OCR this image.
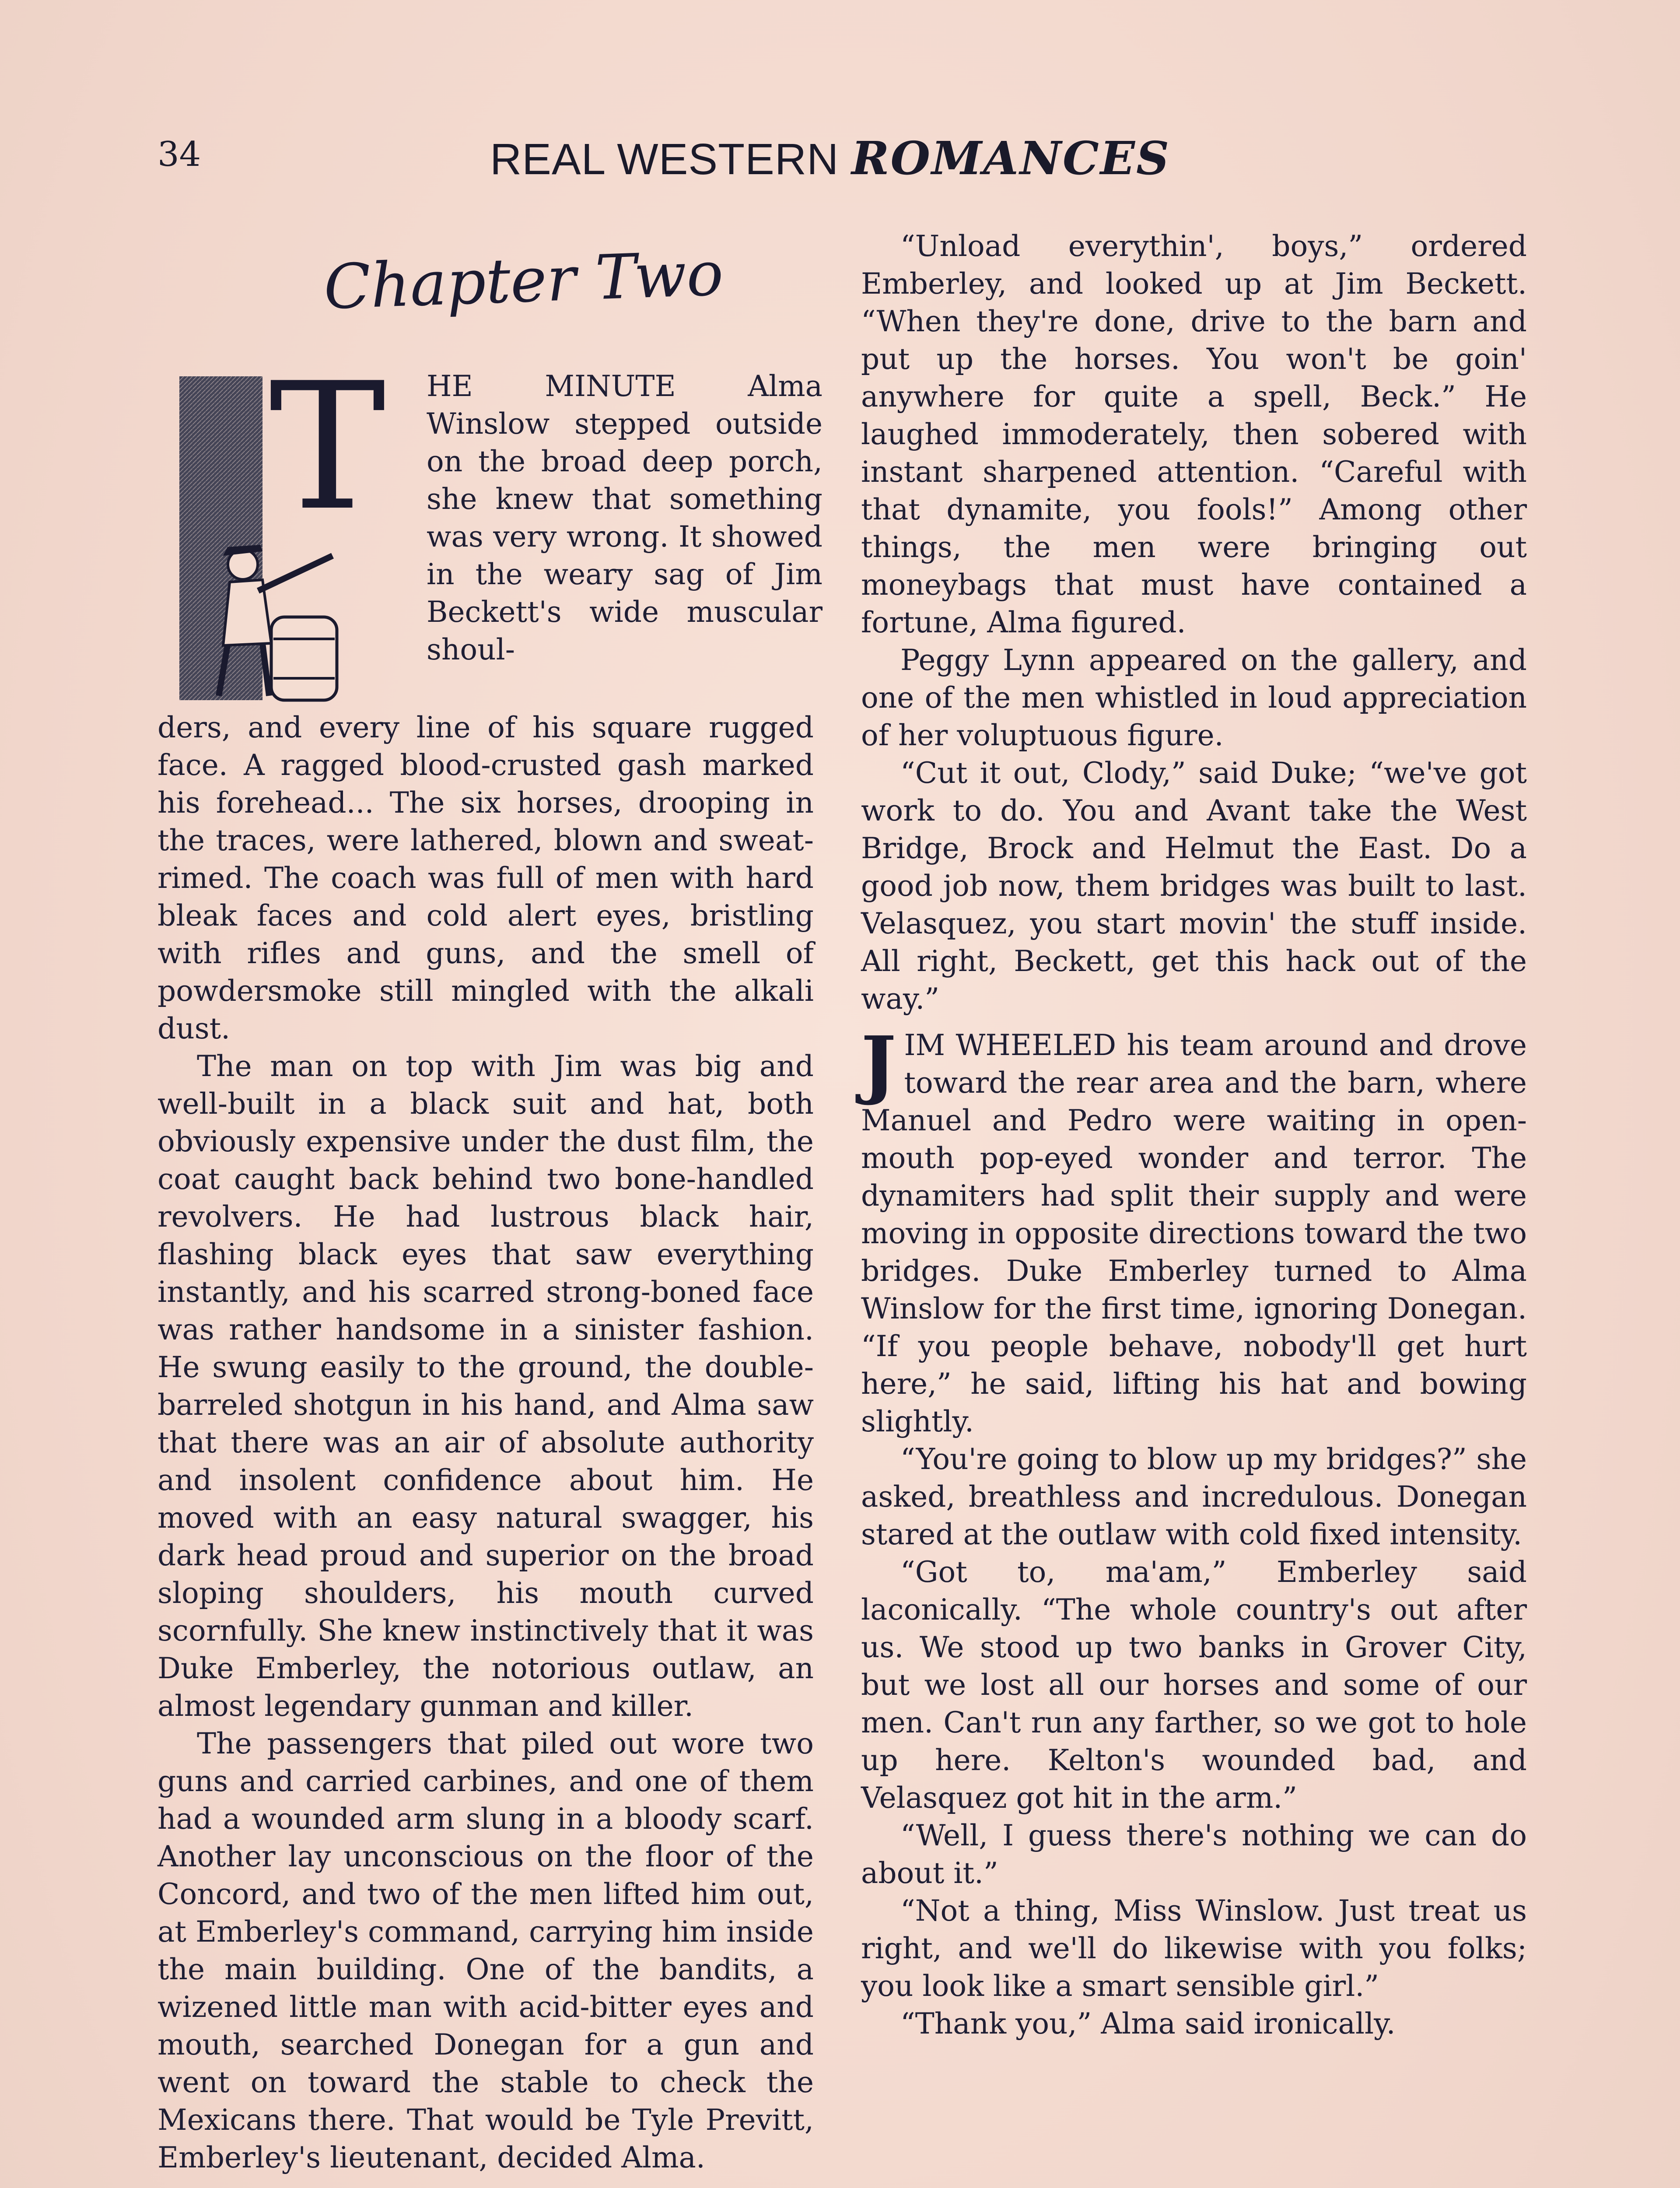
34	REAL WESTERN ROMANCES
Chapter Two
T HE MINUTE Alma Winslow stepped outside on the broad deep porch, she knew that something was very wrong. It showed in the weary sag of Jim Beckett's wide muscular shoul-

ders, and every line of his square rugged face. A ragged blood-crusted gash marked his forehead... The six horses, drooping in the traces, were lathered, blown and sweat-rimed. The coach was full of men with hard bleak faces and cold alert eyes, bristling with rifles and guns, and the smell of powdersmoke still mingled with the alkali dust.

The man on top with Jim was big and well-built in a black suit and hat, both obviously expensive under the dust film, the coat caught back behind two bone-handled revolvers. He had lustrous black hair, flashing black eyes that saw everything instantly, and his scarred strong-boned face was rather handsome in a sinister fashion. He swung easily to the ground, the double-barreled shotgun in his hand, and Alma saw that there was an air of absolute authority and insolent confidence about him. He moved with an easy natural swagger, his dark head proud and superior on the broad sloping shoulders, his mouth curved scornfully. She knew instinctively that it was Duke Emberley, the notorious outlaw, an almost legendary gunman and killer.

The passengers that piled out wore two guns and carried carbines, and one of them had a wounded arm slung in a bloody scarf. Another lay unconscious on the floor of the Concord, and two of the men lifted him out, at Emberley's command, carrying him inside the main building. One of the bandits, a wizened little man with acid-bitter eyes and mouth, searched Donegan for a gun and went on toward the stable to check the Mexicans there. That would be Tyle Previtt, Emberley's lieutenant, decided Alma.

“Unload everythin', boys,” ordered Emberley, and looked up at Jim Beckett. “When they're done, drive to the barn and put up the horses. You won't be goin' anywhere for quite a spell, Beck.” He laughed immoderately, then sobered with instant sharpened attention. “Careful with that dynamite, you fools!” Among other things, the men were bringing out moneybags that must have contained a fortune, Alma figured.

Peggy Lynn appeared on the gallery, and one of the men whistled in loud appreciation of her voluptuous figure.

“Cut it out, Clody,” said Duke; “we've got work to do. You and Avant take the West Bridge, Brock and Helmut the East. Do a good job now, them bridges was built to last. Velasquez, you start movin' the stuff inside. All right, Beckett, get this hack out of the way.”

JIM WHEELED his team around and drove toward the rear area and the barn, where Manuel and Pedro were waiting in open-mouth pop-eyed wonder and terror. The dynamiters had split their supply and were moving in opposite directions toward the two bridges. Duke Emberley turned to Alma Winslow for the first time, ignoring Donegan. “If you people behave, nobody'll get hurt here,” he said, lifting his hat and bowing slightly.

“You're going to blow up my bridges?” she asked, breathless and incredulous. Donegan stared at the outlaw with cold fixed intensity.

“Got to, ma'am,” Emberley said laconically. “The whole country's out after us. We stood up two banks in Grover City, but we lost all our horses and some of our men. Can't run any farther, so we got to hole up here. Kelton's wounded bad, and Velasquez got hit in the arm.”

“Well, I guess there's nothing we can do about it.”

“Not a thing, Miss Winslow. Just treat us right, and we'll do likewise with you folks; you look like a smart sensible girl.”

“Thank you,” Alma said ironically.
